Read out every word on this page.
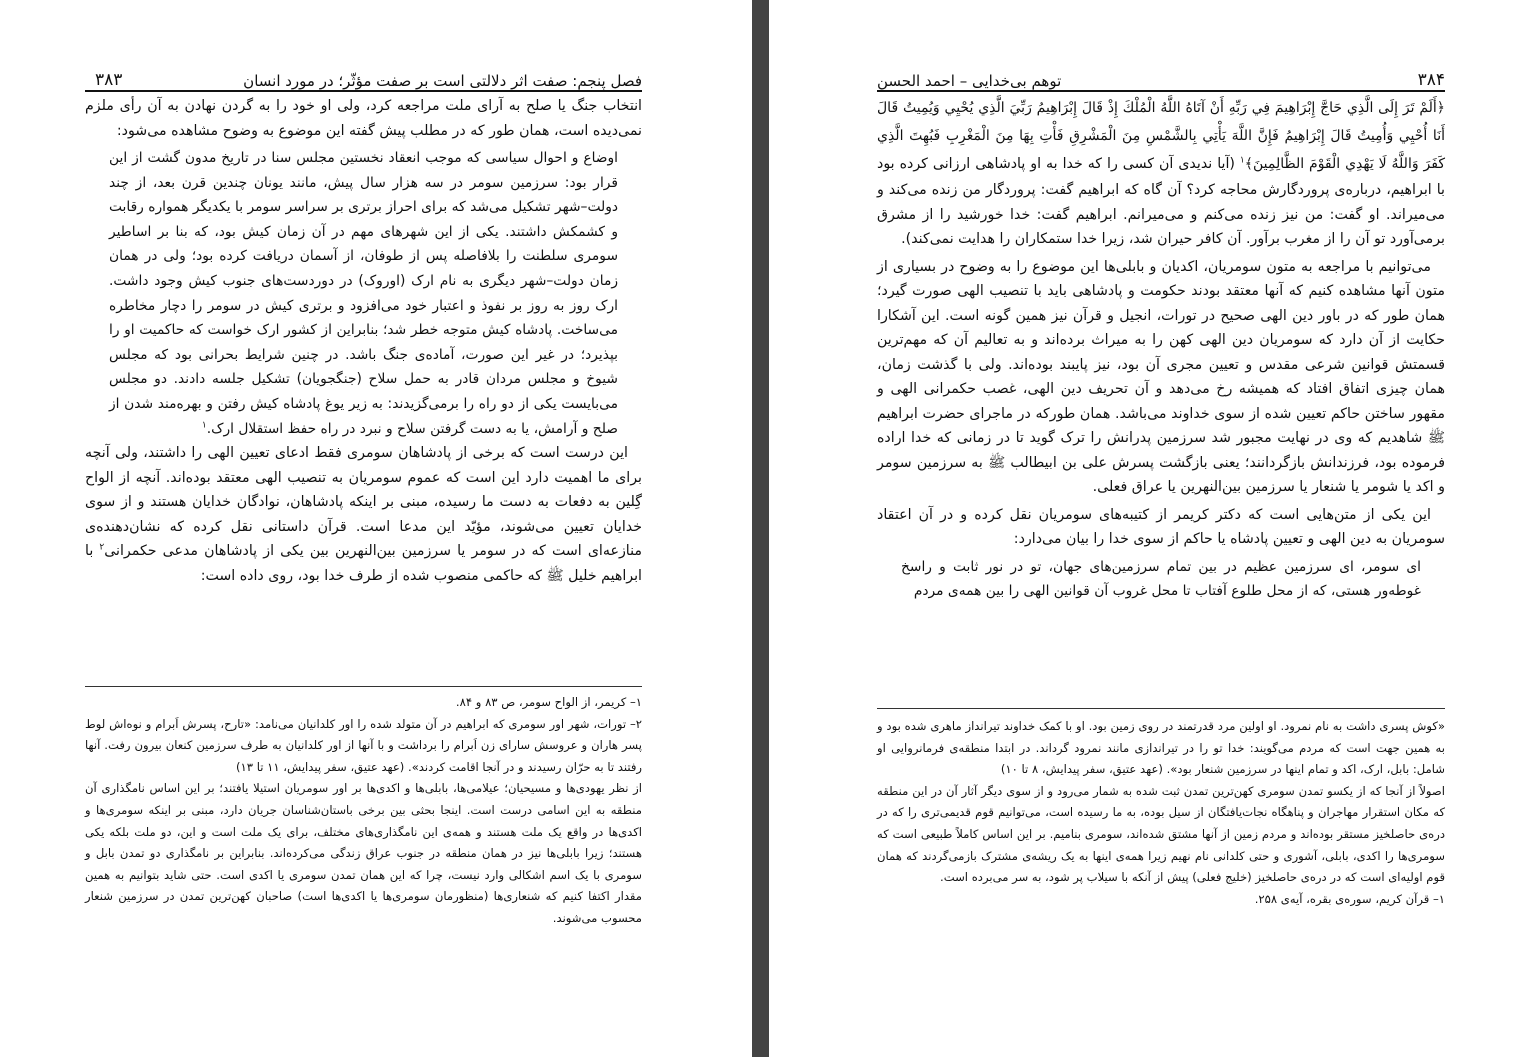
فصل پنجم: صفت اثر دلالتی است بر صفت مؤثّر؛ در مورد انسان
۳۸۳

انتخاب جنگ یا صلح به آرای ملت مراجعه کرد، ولی او خود را به گردن نهادن به آن رأی ملزم نمی‌دیده است، همان طور که در مطلب پیش گفته این موضوع به وضوح مشاهده می‌شود:

اوضاع و احوال سیاسی که موجب انعقاد نخستین مجلس سنا در تاریخ مدون گشت از این قرار بود: سرزمین سومر در سه هزار سال پیش، مانند یونان چندین قرن بعد، از چند دولت–شهر تشکیل می‌شد که برای احراز برتری بر سراسر سومر با یکدیگر همواره رقابت و کشمکش داشتند. یکی از این شهرهای مهم در آن زمان کیش بود، که بنا بر اساطیر سومری سلطنت را بلافاصله پس از طوفان، از آسمان دریافت کرده بود؛ ولی در همان زمان دولت–شهر دیگری به نام ارک (اوروک) در دوردست‌های جنوب کیش وجود داشت. ارک روز به روز بر نفوذ و اعتبار خود می‌افزود و برتری کیش در سومر را دچار مخاطره می‌ساخت. پادشاه کیش متوجه خطر شد؛ بنابراین از کشور ارک خواست که حاکمیت او را بپذیرد؛ در غیر این صورت، آماده‌ی جنگ باشد. در چنین شرایط بحرانی بود که مجلس شیوخ و مجلس مردان قادر به حمل سلاح (جنگجویان) تشکیل جلسه دادند. دو مجلس می‌بایست یکی از دو راه را برمی‌گزیدند: به زیر یوغ پادشاه کیش رفتن و بهره‌مند شدن از صلح و آرامش، یا به دست گرفتن سلاح و نبرد در راه حفظ استقلال ارک.$^۱$

این درست است که برخی از پادشاهان سومری فقط ادعای تعیین الهی را داشتند، ولی آنچه برای ما اهمیت دارد این است که عموم سومریان به تنصیب الهی معتقد بوده‌اند. آنچه از الواح گِلین به دفعات به دست ما رسیده، مبنی بر اینکه پادشاهان، نوادگان خدایان هستند و از سوی خدایان تعیین می‌شوند، مؤیّد این مدعا است. قرآن داستانی نقل کرده که نشان‌دهنده‌ی منازعه‌ای است که در سومر یا سرزمین بین‌النهرین بین یکی از پادشاهان مدعی حکمرانی$^۲$ با ابراهیم خلیل ﷺ که حاکمی منصوب شده از طرف خدا بود، روی داده است:

۱– کریمر، از الواح سومر، ص ۸۳ و ۸۴.

۲– تورات، شهر اور سومری که ابراهیم در آن متولد شده را اور کلدانیان می‌نامد: «تارح، پسرش اَبرام و نوه‌اش لوط پسر هاران و عروسش سارای زن اَبرام را برداشت و با آنها از اور کلدانیان به طرف سرزمین کنعان بیرون رفت. آنها رفتند تا به حرّان رسیدند و در آنجا اقامت کردند». (عهد عتیق، سفر پیدایش، ۱۱ تا ۱۳)

از نظر یهودی‌ها و مسیحیان؛ عیلامی‌ها، بابلی‌ها و اکدی‌ها بر اور سومریان استیلا یافتند؛ بر این اساس نامگذاری آن منطقه به این اسامی درست است. اینجا بحثی بین برخی باستان‌شناسان جریان دارد، مبنی بر اینکه سومری‌ها و اکدی‌ها در واقع یک ملت هستند و همه‌ی این نامگذاری‌های مختلف، برای یک ملت است و این، دو ملت بلکه یکی هستند؛ زیرا بابلی‌ها نیز در همان منطقه در جنوب عراق زندگی می‌کرده‌اند. بنابراین بر نامگذاری دو تمدن بابل و سومری با یک اسم اشکالی وارد نیست، چرا که این همان تمدن سومری یا اکدی است. حتی شاید بتوانیم به همین مقدار اکتفا کنیم که شنعاری‌ها (منظورمان سومری‌ها یا اکدی‌ها است) صاحبان کهن‌ترین تمدن در سرزمین شنعار محسوب می‌شوند.

۳۸۴
توهم بی‌خدایی – احمد الحسن

﴿أَلَمْ تَرَ إِلَى الَّذِي حَاجَّ إِبْرَاهِيمَ فِي رَبِّهِ أَنْ آتَاهُ اللَّهُ الْمُلْكَ إِذْ قَالَ إِبْرَاهِيمُ رَبِّيَ الَّذِي يُحْيِي وَيُمِيتُ قَالَ أَنَا أُحْيِي وَأُمِيتُ قَالَ إِبْرَاهِيمُ فَإِنَّ اللَّهَ يَأْتِي بِالشَّمْسِ مِنَ الْمَشْرِقِ فَأْتِ بِهَا مِنَ الْمَغْرِبِ فَبُهِتَ الَّذِي كَفَرَ وَاللَّهُ لَا يَهْدِي الْقَوْمَ الظَّالِمِينَ﴾$^۱$ (آیا ندیدی آن کسی را که خدا به او پادشاهی ارزانی کرده بود با ابراهیم، درباره‌ی پروردگارش محاجه کرد؟ آن گاه که ابراهیم گفت: پروردگار من زنده می‌کند و می‌میراند. او گفت: من نیز زنده می‌کنم و می‌میرانم. ابراهیم گفت: خدا خورشید را از مشرق برمی‌آورد تو آن را از مغرب برآور. آن کافر حیران شد، زیرا خدا ستمکاران را هدایت نمی‌کند).

می‌توانیم با مراجعه به متون سومریان، اکدیان و بابلی‌ها این موضوع را به وضوح در بسیاری از متون آنها مشاهده کنیم که آنها معتقد بودند حکومت و پادشاهی باید با تنصیب الهی صورت گیرد؛ همان طور که در باور دین الهی صحیح در تورات، انجیل و قرآن نیز همین گونه است. این آشکارا حکایت از آن دارد که سومریان دین الهی کهن را به میراث برده‌اند و به تعالیم آن که مهم‌ترین قسمتش قوانین شرعی مقدس و تعیین مجری آن بود، نیز پایبند بوده‌اند. ولی با گذشت زمان، همان چیزی اتفاق افتاد که همیشه رخ می‌دهد و آن تحریف دین الهی، غصب حکمرانی الهی و مقهور ساختن حاکم تعیین شده از سوی خداوند می‌باشد. همان طورکه در ماجرای حضرت ابراهیم ﷺ شاهدیم که وی در نهایت مجبور شد سرزمین پدرانش را ترک گوید تا در زمانی که خدا اراده فرموده بود، فرزندانش بازگردانند؛ یعنی بازگشت پسرش علی بن ابیطالب ﷺ به سرزمین سومر و اکد یا شومر یا شنعار یا سرزمین بین‌النهرین یا عراق فعلی.

این یکی از متن‌هایی است که دکتر کریمر از کتیبه‌های سومریان نقل کرده و در آن اعتقاد سومریان به دین الهی و تعیین پادشاه یا حاکم از سوی خدا را بیان می‌دارد:

ای سومر، ای سرزمین عظیم در بین تمام سرزمین‌های جهان، تو در نور ثابت و راسخ غوطه‌ور هستی، که از محل طلوع آفتاب تا محل غروب آن قوانین الهی را بین همه‌ی مردم

«کوش پسری داشت به نام نمرود. او اولین مرد قدرتمند در روی زمین بود. او با کمک خداوند تیرانداز ماهری شده بود و به همین جهت است که مردم می‌گویند: خدا تو را در تیراندازی مانند نمرود گرداند. در ابتدا منطقه‌ی فرمانروایی او شامل: بابل، ارک، اکد و تمام اینها در سرزمین شنعار بود». (عهد عتیق، سفر پیدایش، ۸ تا ۱۰)

اصولاً از آنجا که از یکسو تمدن سومری کهن‌ترین تمدن ثبت شده به شمار می‌رود و از سوی دیگر آثار آن در این منطقه که مکان استقرار مهاجران و پناهگاه نجات‌یافتگان از سیل بوده، به ما رسیده است، می‌توانیم قوم قدیمی‌تری را که در دره‌ی حاصلخیز مستقر بوده‌اند و مردم زمین از آنها مشتق شده‌اند، سومری بنامیم. بر این اساس کاملاً طبیعی است که سومری‌ها را اکدی، بابلی، آشوری و حتی کلدانی نام نهیم زیرا همه‌ی اینها به یک ریشه‌ی مشترک بازمی‌گردند که همان قوم اولیه‌ای است که در دره‌ی حاصلخیز (خلیج فعلی) پیش از آنکه با سیلاب پر شود، به سر می‌برده است.

۱– قرآن کریم، سوره‌ی بقره، آیه‌ی ۲۵۸.
